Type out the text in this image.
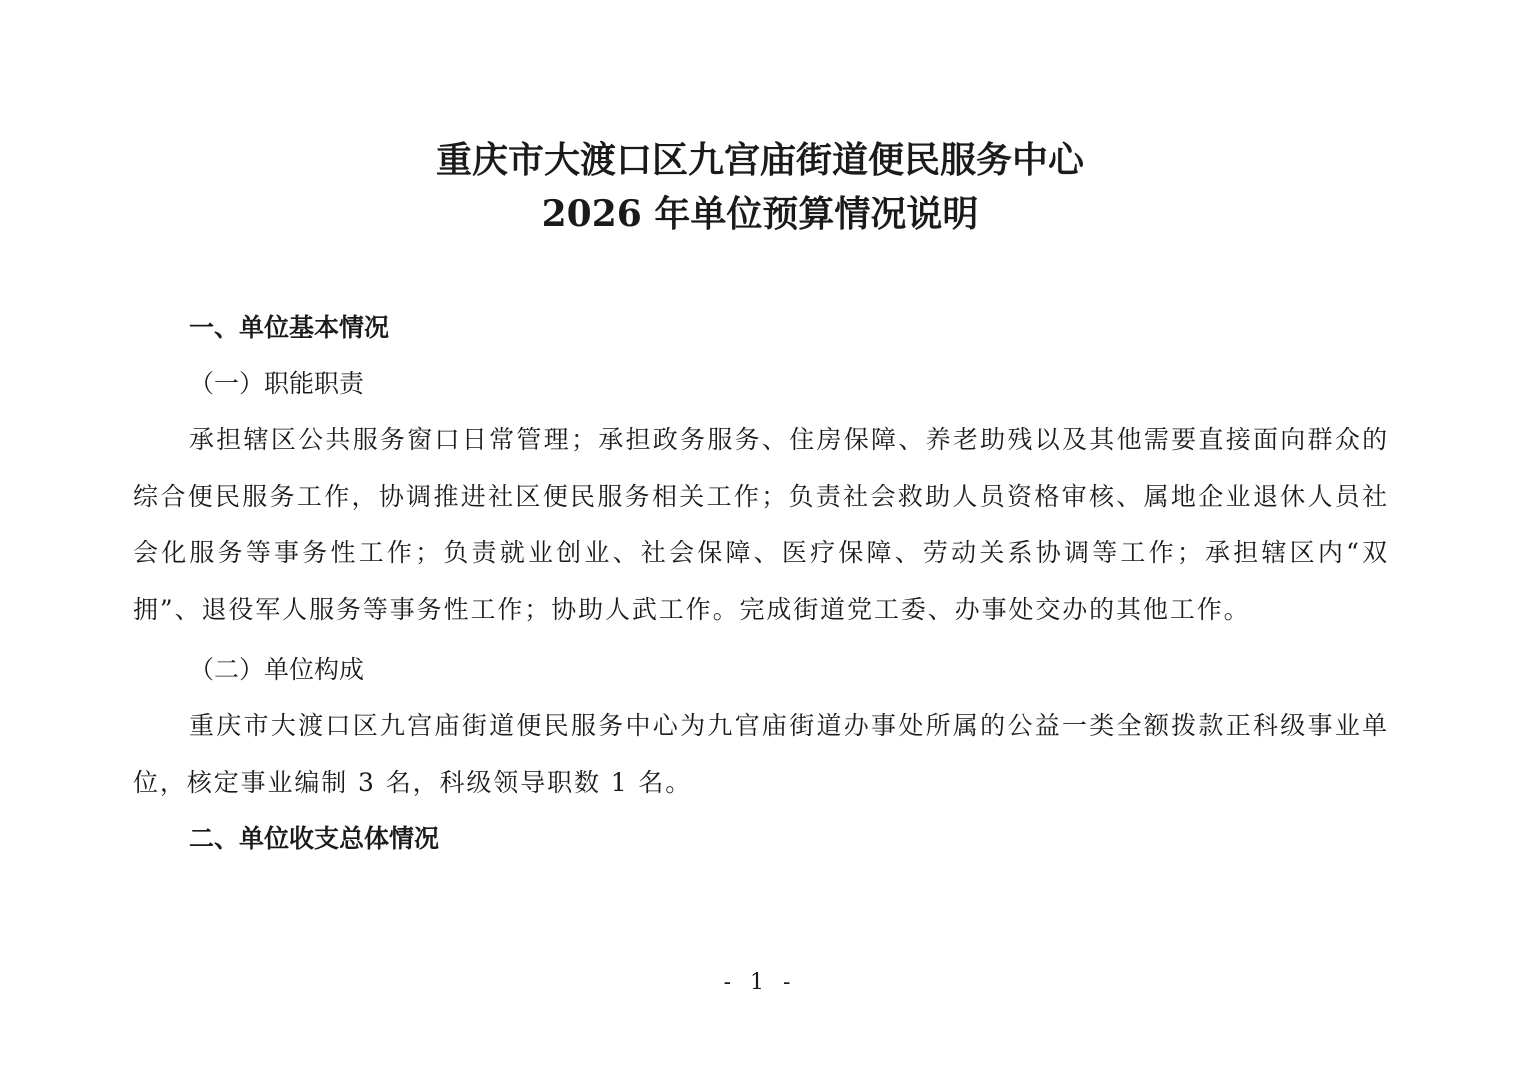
重庆市大渡口区九宫庙街道便民服务中心
2026 年单位预算情况说明
一、单位基本情况
（一）职能职责

承担辖区公共服务窗口日常管理；承担政务服务、住房保障、养老助残以及其他需要直接面向群众的综合便民服务工作，协调推进社区便民服务相关工作；负责社会救助人员资格审核、属地企业退休人员社会化服务等事务性工作；负责就业创业、社会保障、医疗保障、劳动关系协调等工作；承担辖区内“双拥”、退役军人服务等事务性工作；协助人武工作。完成街道党工委、办事处交办的其他工作。

（二）单位构成

重庆市大渡口区九宫庙街道便民服务中心为九官庙街道办事处所属的公益一类全额拨款正科级事业单位，核定事业编制 3 名，科级领导职数 1 名。

二、单位收支总体情况
- 1 -
